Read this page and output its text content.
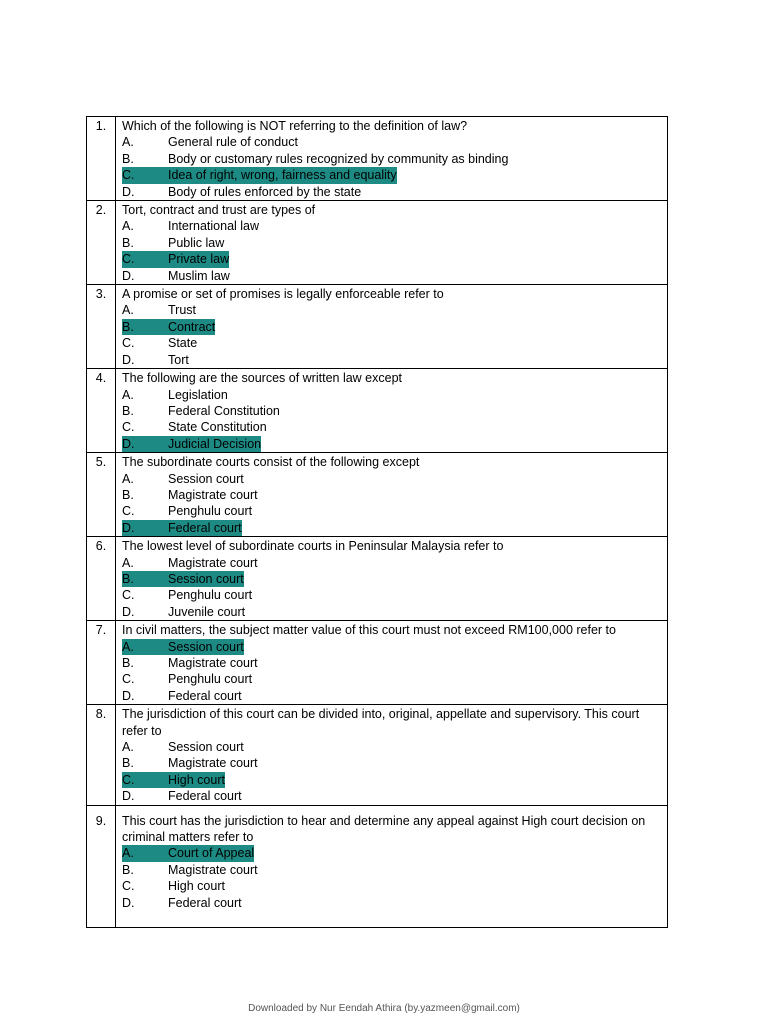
1.	Which of the following is NOT referring to the definition of law?
A. General rule of conduct
B. Body or customary rules recognized by community as binding
C. Idea of right, wrong, fairness and equality
D. Body of rules enforced by the state

2.	Tort, contract and trust are types of
A. International law
B. Public law
C. Private law
D. Muslim law

3.	A promise or set of promises is legally enforceable refer to
A. Trust
B. Contract
C. State
D. Tort

4.	The following are the sources of written law except
A. Legislation
B. Federal Constitution
C. State Constitution
D. Judicial Decision

5.	The subordinate courts consist of the following except
A. Session court
B. Magistrate court
C. Penghulu court
D. Federal court

6.	The lowest level of subordinate courts in Peninsular Malaysia refer to
A. Magistrate court
B. Session court
C. Penghulu court
D. Juvenile court

7.	In civil matters, the subject matter value of this court must not exceed RM100,000 refer to
A. Session court
B. Magistrate court
C. Penghulu court
D. Federal court

8.	The jurisdiction of this court can be divided into, original, appellate and supervisory. This court refer to
A. Session court
B. Magistrate court
C. High court
D. Federal court

9.	This court has the jurisdiction to hear and determine any appeal against High court decision on criminal matters refer to
A. Court of Appeal
B. Magistrate court
C. High court
D. Federal court
Downloaded by Nur Eendah Athira (by.yazmeen@gmail.com)
